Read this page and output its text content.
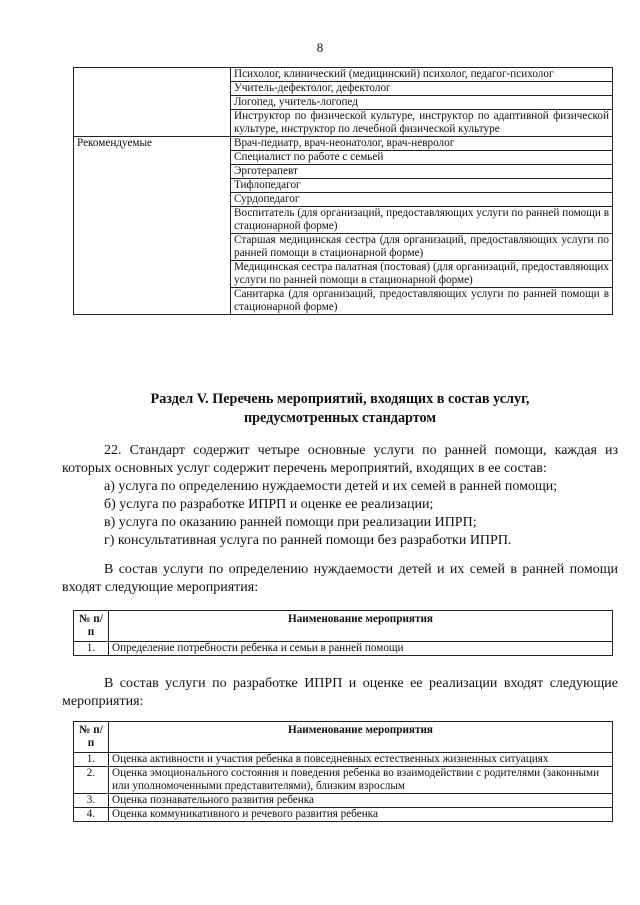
8
	Психолог, клинический (медицинский) психолог, педагог-психолог
	Учитель-дефектолог, дефектолог
	Логопед, учитель-логопед
	Инструктор по физической культуре, инструктор по адаптивной физической культуре, инструктор по лечебной физической культуре
Рекомендуемые	Врач-педиатр, врач-неонатолог, врач-невролог
	Специалист по работе с семьей
	Эрготерапевт
	Тифлопедагог
	Сурдопедагог
	Воспитатель (для организаций, предоставляющих услуги по ранней помощи в стационарной форме)
	Старшая медицинская сестра (для организаций, предоставляющих услуги по ранней помощи в стационарной форме)
	Медицинская сестра палатная (постовая) (для организаций, предоставляющих услуги по ранней помощи в стационарной форме)
	Санитарка (для организаций, предоставляющих услуги по ранней помощи в стационарной форме)
Раздел V. Перечень мероприятий, входящих в состав услуг,
предусмотренных стандартом

22. Стандарт содержит четыре основные услуги по ранней помощи, каждая из которых основных услуг содержит перечень мероприятий, входящих в ее состав:

а) услуга по определению нуждаемости детей и их семей в ранней помощи;

б) услуга по разработке ИПРП и оценке ее реализации;

в) услуга по оказанию ранней помощи при реализации ИПРП;

г) консультативная услуга по ранней помощи без разработки ИПРП.

В состав услуги по определению нуждаемости детей и их семей в ранней помощи входят следующие мероприятия:

№ п/п	Наименование мероприятия
1.	Определение потребности ребенка и семьи в ранней помощи

В состав услуги по разработке ИПРП и оценке ее реализации входят следующие мероприятия:

№ п/п	Наименование мероприятия
1.	Оценка активности и участия ребенка в повседневных естественных жизненных ситуациях
2.	Оценка эмоционального состояния и поведения ребенка во взаимодействии с родителями (законными или уполномоченными представителями), близким взрослым
3.	Оценка познавательного развития ребенка
4.	Оценка коммуникативного и речевого развития ребенка
